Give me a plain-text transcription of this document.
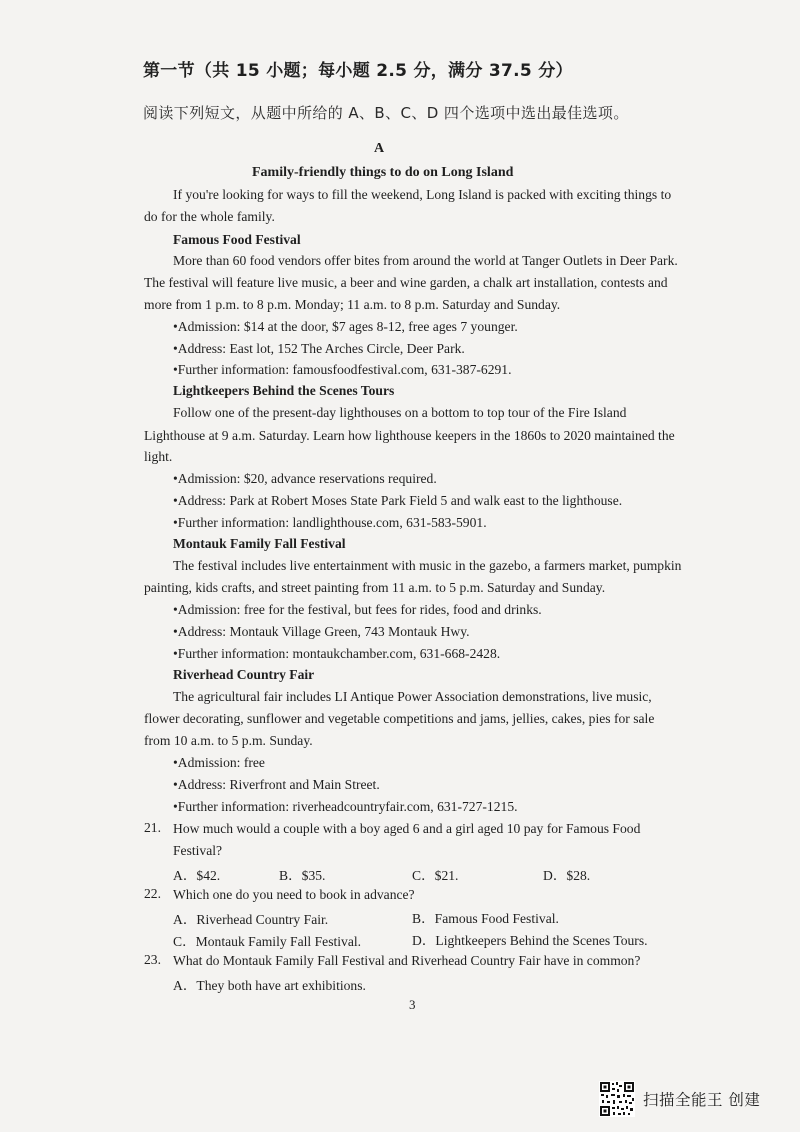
第一节（共 15 小题；每小题 2.5 分，满分 37.5 分）
阅读下列短文，从题中所给的 A、B、C、D 四个选项中选出最佳选项。
A
Family-friendly things to do on Long Island
If you're looking for ways to fill the weekend, Long Island is packed with exciting things to
do for the whole family.
Famous Food Festival
More than 60 food vendors offer bites from around the world at Tanger Outlets in Deer Park.
The festival will feature live music, a beer and wine garden, a chalk art installation, contests and
more from 1 p.m. to 8 p.m. Monday; 11 a.m. to 8 p.m. Saturday and Sunday.
•Admission: $14 at the door, $7 ages 8-12, free ages 7 younger.
•Address: East lot, 152 The Arches Circle, Deer Park.
•Further information: famousfoodfestival.com, 631-387-6291.
Lightkeepers Behind the Scenes Tours
Follow one of the present-day lighthouses on a bottom to top tour of the Fire Island
Lighthouse at 9 a.m. Saturday. Learn how lighthouse keepers in the 1860s to 2020 maintained the
light.
•Admission: $20, advance reservations required.
•Address: Park at Robert Moses State Park Field 5 and walk east to the lighthouse.
•Further information: landlighthouse.com, 631-583-5901.
Montauk Family Fall Festival
The festival includes live entertainment with music in the gazebo, a farmers market, pumpkin
painting, kids crafts, and street painting from 11 a.m. to 5 p.m. Saturday and Sunday.
•Admission: free for the festival, but fees for rides, food and drinks.
•Address: Montauk Village Green, 743 Montauk Hwy.
•Further information: montaukchamber.com, 631-668-2428.
Riverhead Country Fair
The agricultural fair includes LI Antique Power Association demonstrations, live music,
flower decorating, sunflower and vegetable competitions and jams, jellies, cakes, pies for sale
from 10 a.m. to 5 p.m. Sunday.
•Admission: free
•Address: Riverfront and Main Street.
•Further information: riverheadcountryfair.com, 631-727-1215.
21. How much would a couple with a boy aged 6 and a girl aged 10 pay for Famous Food
Festival?
A．$42.	B．$35.	C．$21.	D．$28.
22. Which one do you need to book in advance?
A．Riverhead Country Fair.	B．Famous Food Festival.
C．Montauk Family Fall Festival.	D．Lightkeepers Behind the Scenes Tours.
23. What do Montauk Family Fall Festival and Riverhead Country Fair have in common?
A．They both have art exhibitions.
3
扫描全能王 创建
